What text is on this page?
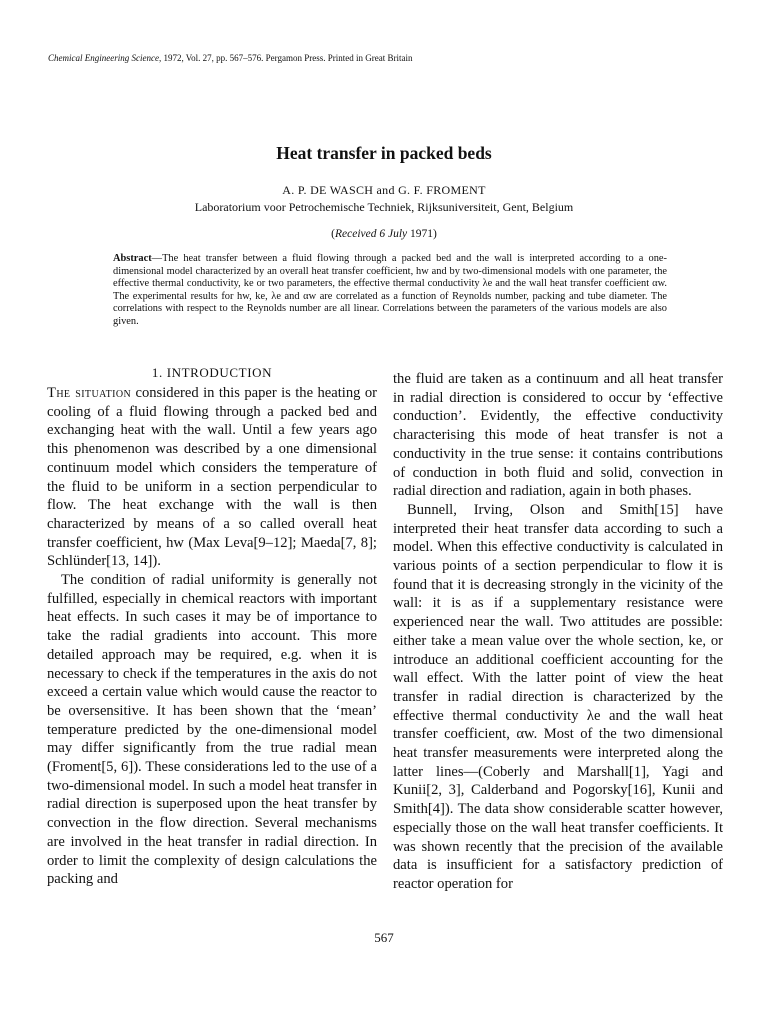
Chemical Engineering Science, 1972, Vol. 27, pp. 567–576. Pergamon Press. Printed in Great Britain
Heat transfer in packed beds
A. P. DE WASCH and G. F. FROMENT
Laboratorium voor Petrochemische Techniek, Rijksuniversiteit, Gent, Belgium
(Received 6 July 1971)
Abstract—The heat transfer between a fluid flowing through a packed bed and the wall is interpreted according to a one-dimensional model characterized by an overall heat transfer coefficient, hw and by two-dimensional models with one parameter, the effective thermal conductivity, ke or two parameters, the effective thermal conductivity λe and the wall heat transfer coefficient αw. The experimental results for hw, ke, λe and αw are correlated as a function of Reynolds number, packing and tube diameter. The correlations with respect to the Reynolds number are all linear. Correlations between the parameters of the various models are also given.
1. INTRODUCTION

The situation considered in this paper is the heating or cooling of a fluid flowing through a packed bed and exchanging heat with the wall. Until a few years ago this phenomenon was described by a one dimensional continuum model which considers the temperature of the fluid to be uniform in a section perpendicular to flow. The heat exchange with the wall is then characterized by means of a so called overall heat transfer coefficient, hw (Max Leva[9–12]; Maeda[7, 8]; Schlünder[13, 14]).

The condition of radial uniformity is generally not fulfilled, especially in chemical reactors with important heat effects. In such cases it may be of importance to take the radial gradients into account. This more detailed approach may be required, e.g. when it is necessary to check if the temperatures in the axis do not exceed a certain value which would cause the reactor to be oversensitive. It has been shown that the ‘mean’ temperature predicted by the one-dimensional model may differ significantly from the true radial mean (Froment[5, 6]). These considerations led to the use of a two-dimensional model. In such a model heat transfer in radial direction is superposed upon the heat transfer by convection in the flow direction. Several mechanisms are involved in the heat transfer in radial direction. In order to limit the complexity of design calculations the packing and

the fluid are taken as a continuum and all heat transfer in radial direction is considered to occur by ‘effective conduction’. Evidently, the effective conductivity characterising this mode of heat transfer is not a conductivity in the true sense: it contains contributions of conduction in both fluid and solid, convection in radial direction and radiation, again in both phases.

Bunnell, Irving, Olson and Smith[15] have interpreted their heat transfer data according to such a model. When this effective conductivity is calculated in various points of a section perpendicular to flow it is found that it is decreasing strongly in the vicinity of the wall: it is as if a supplementary resistance were experienced near the wall. Two attitudes are possible: either take a mean value over the whole section, ke, or introduce an additional coefficient accounting for the wall effect. With the latter point of view the heat transfer in radial direction is characterized by the effective thermal conductivity λe and the wall heat transfer coefficient, αw. Most of the two dimensional heat transfer measurements were interpreted along the latter lines—(Coberly and Marshall[1], Yagi and Kunii[2, 3], Calderband and Pogorsky[16], Kunii and Smith[4]). The data show considerable scatter however, especially those on the wall heat transfer coefficients. It was shown recently that the precision of the available data is insufficient for a satisfactory prediction of reactor operation for

567
